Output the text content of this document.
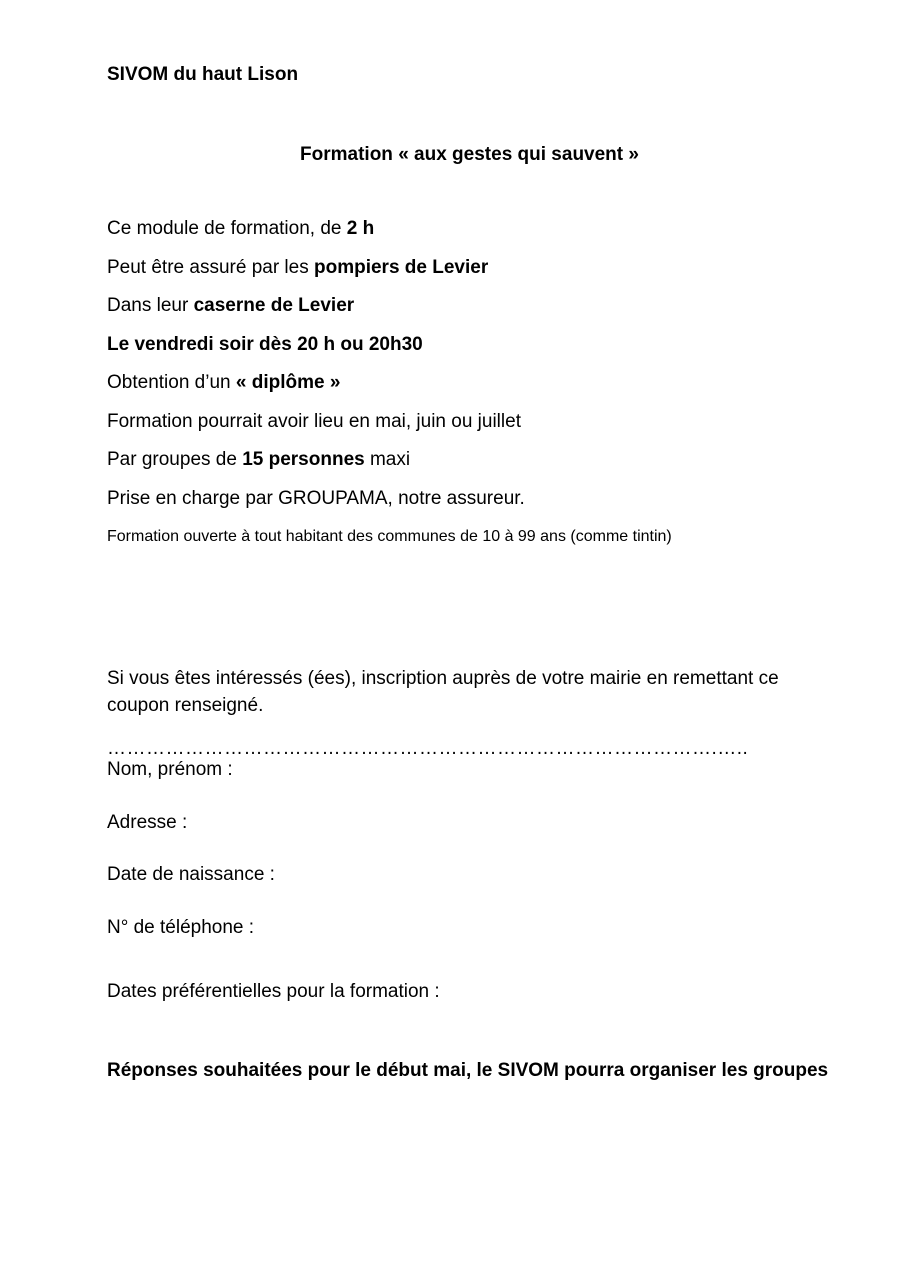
SIVOM du haut Lison

Formation « aux gestes qui sauvent »

Ce module de formation, de 2 h

Peut être assuré par les pompiers de Levier

Dans leur caserne de Levier

Le vendredi soir dès 20 h ou 20h30

Obtention d’un « diplôme »

Formation pourrait avoir lieu en mai, juin ou juillet

Par groupes de 15 personnes maxi

Prise en charge par GROUPAMA, notre assureur.

Formation ouverte à tout habitant des communes de 10 à 99 ans (comme tintin)

Si vous êtes intéressés (ées), inscription auprès de votre mairie en remettant ce coupon renseigné.

………………………………………………………………………………….…..

Nom, prénom :

Adresse :

Date de naissance :

N° de téléphone :

Dates préférentielles pour la formation :

Réponses souhaitées pour le début mai, le SIVOM pourra organiser les groupes
